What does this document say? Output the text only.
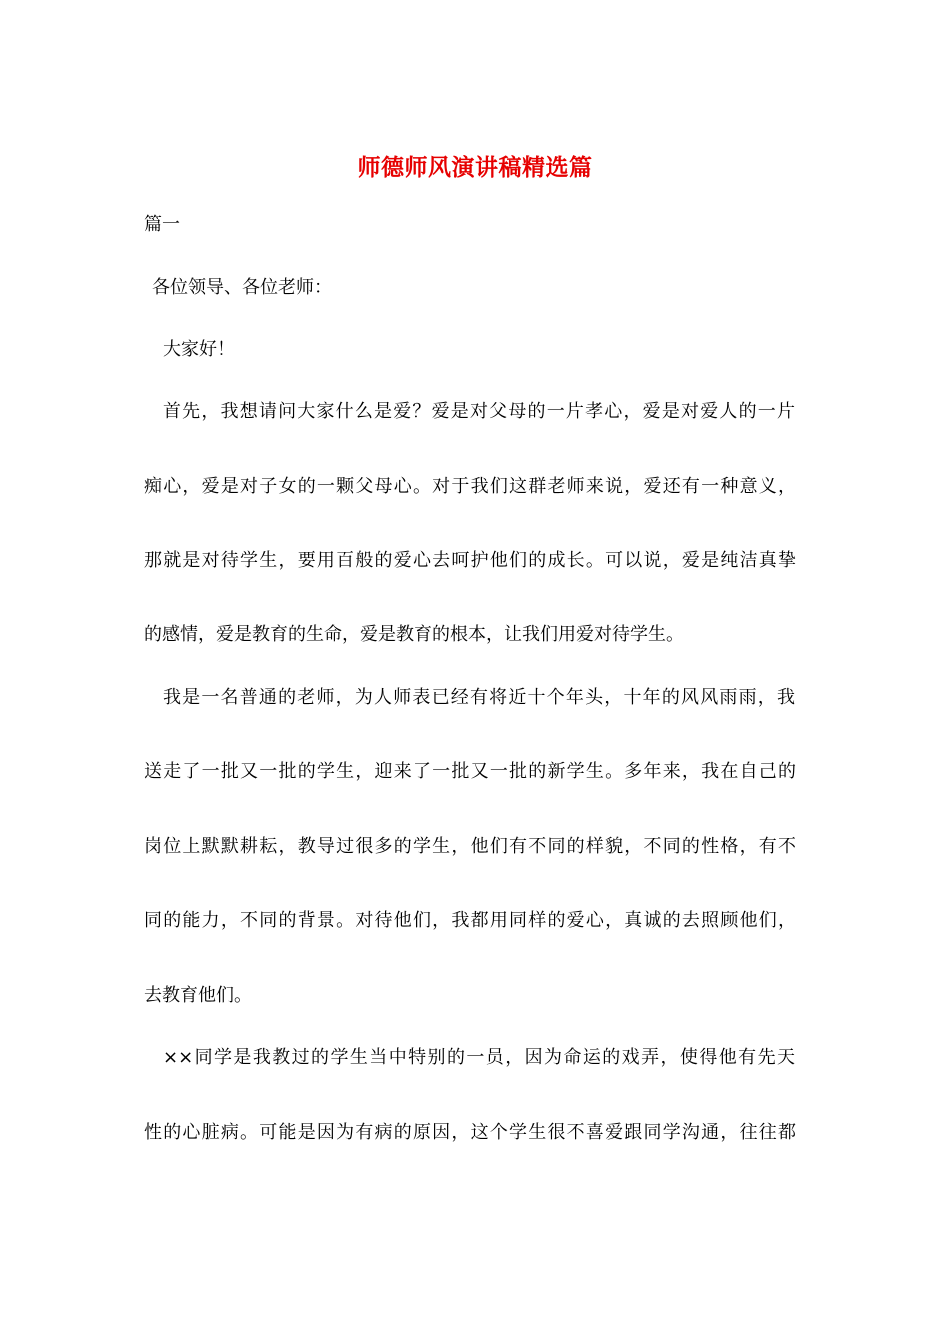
师德师风演讲稿精选篇
篇一
各位领导、各位老师：
大家好！
首先，我想请问大家什么是爱？爱是对父母的一片孝心，爱是对爱人的一片
痴心，爱是对子女的一颗父母心。对于我们这群老师来说，爱还有一种意义，
那就是对待学生，要用百般的爱心去呵护他们的成长。可以说，爱是纯洁真挚
的感情，爱是教育的生命，爱是教育的根本，让我们用爱对待学生。
我是一名普通的老师，为人师表已经有将近十个年头，十年的风风雨雨，我
送走了一批又一批的学生，迎来了一批又一批的新学生。多年来，我在自己的
岗位上默默耕耘，教导过很多的学生，他们有不同的样貌，不同的性格，有不
同的能力，不同的背景。对待他们，我都用同样的爱心，真诚的去照顾他们，
去教育他们。
××同学是我教过的学生当中特别的一员，因为命运的戏弄，使得他有先天
性的心脏病。可能是因为有病的原因，这个学生很不喜爱跟同学沟通，往往都
